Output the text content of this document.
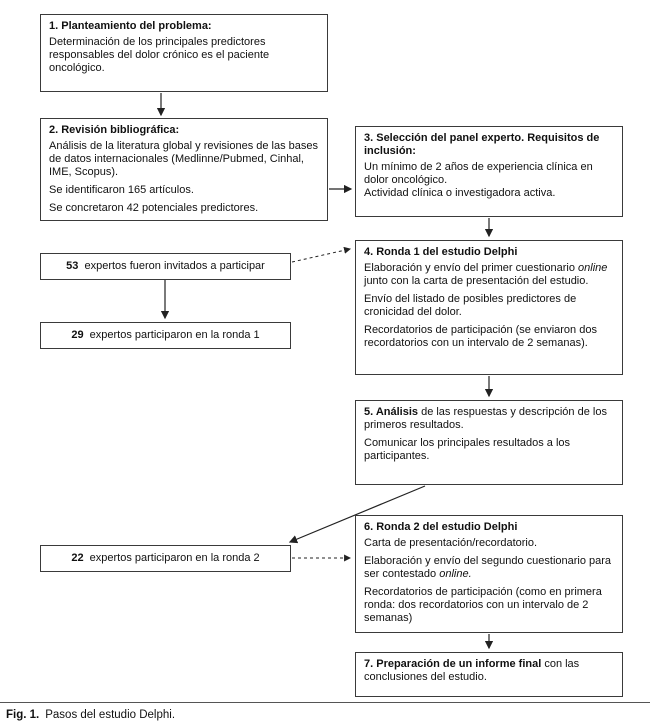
1. Planteamiento del problema:

Determinación de los principales predictores responsables del dolor crónico es el paciente oncológico.

2. Revisión bibliográfica:

Análisis de la literatura global y revisiones de las bases de datos internacionales (Medlinne/Pubmed, Cinhal, IME, Scopus).

Se identificaron 165 artículos.

Se concretaron 42 potenciales predictores.

3. Selección del panel experto. Requisitos de inclusión:

Un mínimo de 2 años de experiencia clínica en dolor oncológico.

Actividad clínica o investigadora activa.

4. Ronda 1 del estudio Delphi

Elaboración y envío del primer cuestionario online junto con la carta de presentación del estudio.

Envío del listado de posibles predictores de cronicidad del dolor.

Recordatorios de participación (se enviaron dos recordatorios con un intervalo de 2 semanas).

5. Análisis de las respuestas y descripción de los primeros resultados.

Comunicar los principales resultados a los participantes.

6. Ronda 2 del estudio Delphi

Carta de presentación/recordatorio.

Elaboración y envío del segundo cuestionario para ser contestado online.

Recordatorios de participación (como en primera ronda: dos recordatorios con un intervalo de 2 semanas)

7. Preparación de un informe final con las conclusiones del estudio.

53 expertos fueron invitados a participar
29 expertos participaron en la ronda 1
22 expertos participaron en la ronda 2
Fig. 1. Pasos del estudio Delphi.
